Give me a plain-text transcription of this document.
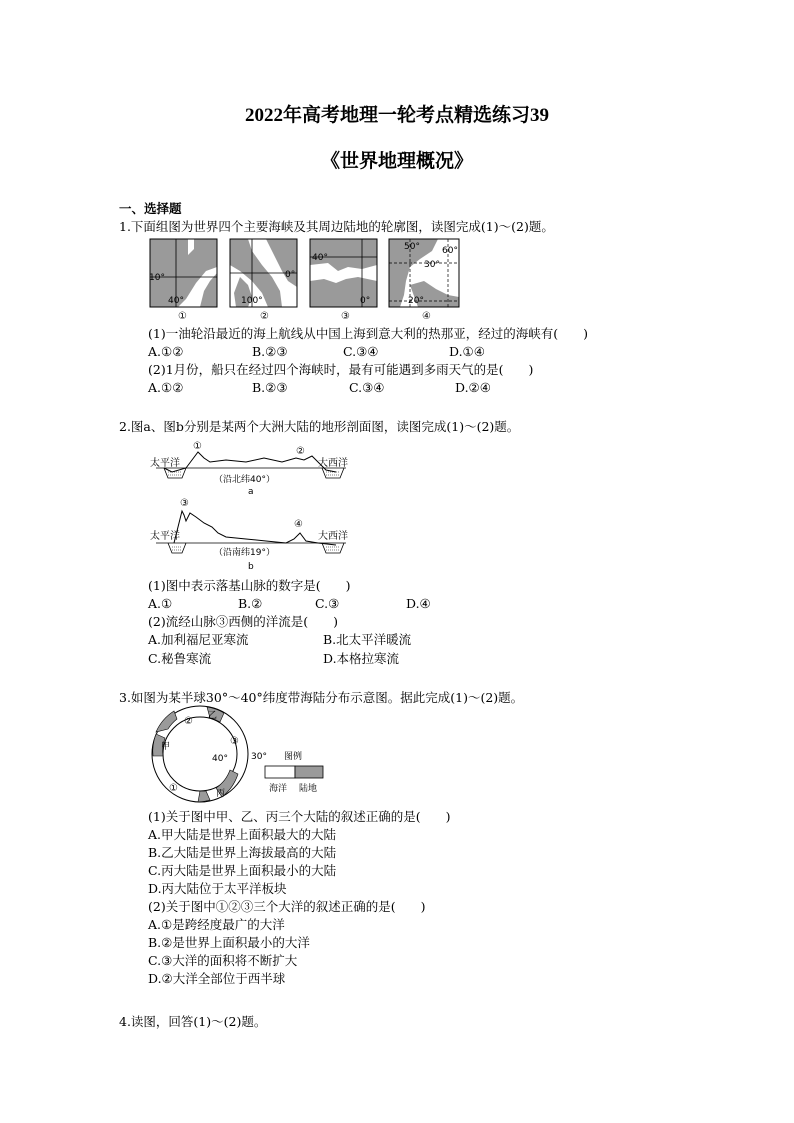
2022年高考地理一轮考点精选练习39
《世界地理概况》
一、选择题
1.下面组图为世界四个主要海峡及其周边陆地的轮廓图，读图完成(1)～(2)题。
10°
40°
①
0°
100°
②
40°
0°
③
50° 60°
30°
20°
④
(1)一油轮沿最近的海上航线从中国上海到意大利的热那亚，经过的海峡有(　　)
A.①②	B.②③	C.③④	D.①④
(2)1月份，船只在经过四个海峡时，最有可能遇到多雨天气的是(　　)
A.①②	B.②③	C.③④	D.②④
2.图a、图b分别是某两个大洲大陆的地形剖面图，读图完成(1)～(2)题。
太平洋	大西洋
①	②
（沿北纬40°）
a
太平洋	大西洋
③
④
（沿南纬19°）
b
(1)图中表示落基山脉的数字是(　　)
A.①	B.②	C.③	D.④
(2)流经山脉③西侧的洋流是(　　)
A.加利福尼亚寒流	B.北太平洋暖流
C.秘鲁寒流	D.本格拉寒流
3.如图为某半球30°～40°纬度带海陆分布示意图。据此完成(1)～(2)题。
甲
乙
丙
①
②
③
40°	30° 图例
海洋 陆地
(1)关于图中甲、乙、丙三个大陆的叙述正确的是(　　)
A.甲大陆是世界上面积最大的大陆
B.乙大陆是世界上海拔最高的大陆
C.丙大陆是世界上面积最小的大陆
D.丙大陆位于太平洋板块
(2)关于图中①②③三个大洋的叙述正确的是(　　)
A.①是跨经度最广的大洋
B.②是世界上面积最小的大洋
C.③大洋的面积将不断扩大
D.②大洋全部位于西半球
4.读图，回答(1)～(2)题。
